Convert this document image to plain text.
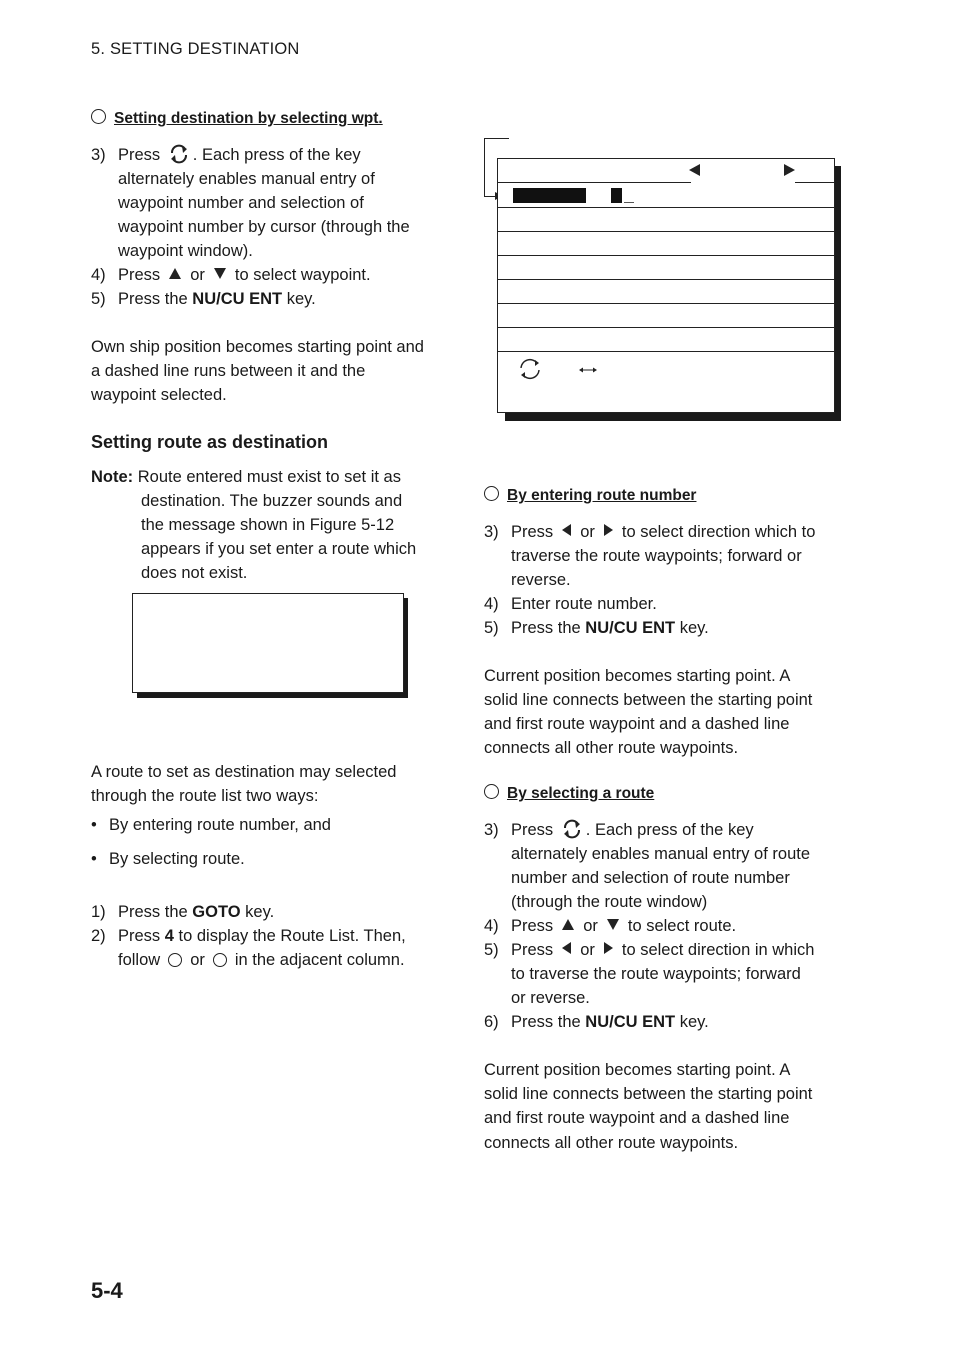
5. SETTING DESTINATION
Setting destination by selecting wpt.
3) Press . Each press of the key
alternately enables manual entry of
waypoint number and selection of
waypoint number by cursor (through the
waypoint window).
4) Press or to select waypoint.
5) Press the NU/CU ENT key.
Own ship position becomes starting point and
a dashed line runs between it and the
waypoint selected.
Setting route as destination
Note: Route entered must exist to set it as
destination. The buzzer sounds and
the message shown in Figure 5-12
appears if you set enter a route which
does not exist.
A route to set as destination may selected
through the route list two ways:
• By entering route number, and
• By selecting route.
1) Press the GOTO key.
2) Press 4 to display the Route List. Then,
follow or in the adjacent column.
By entering route number
3) Press or to select direction which to
traverse the route waypoints; forward or
reverse.
4) Enter route number.
5) Press the NU/CU ENT key.
Current position becomes starting point. A
solid line connects between the starting point
and first route waypoint and a dashed line
connects all other route waypoints.
By selecting a route
3) Press . Each press of the key
alternately enables manual entry of route
number and selection of route number
(through the route window)
4) Press or to select route.
5) Press or to select direction in which
to traverse the route waypoints; forward
or reverse.
6) Press the NU/CU ENT key.
Current position becomes starting point. A
solid line connects between the starting point
and first route waypoint and a dashed line
connects all other route waypoints.
5-4
